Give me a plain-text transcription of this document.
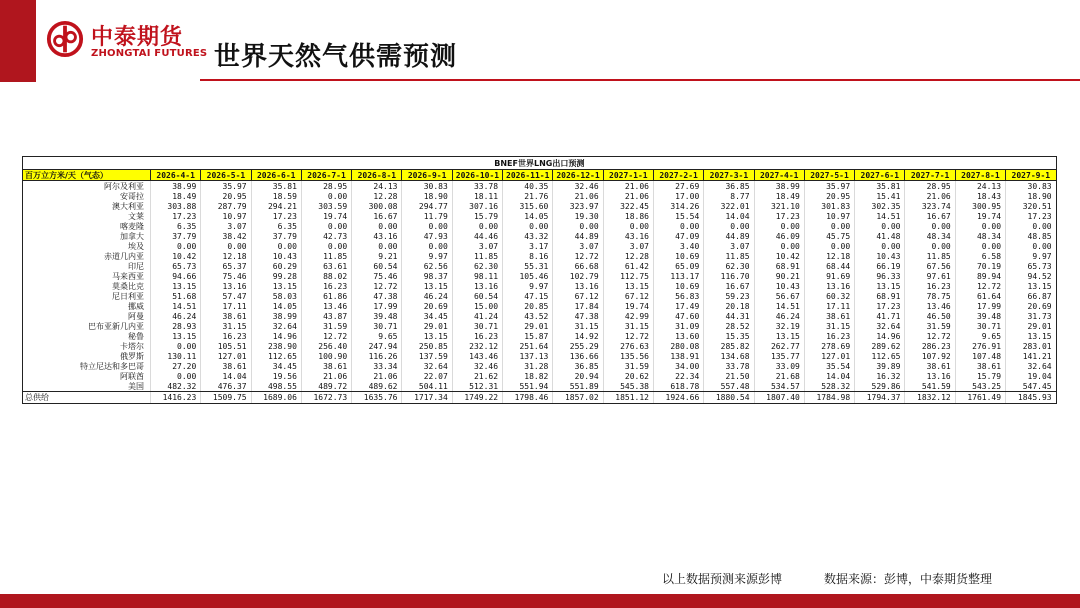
中泰期货
ZHONGTAI FUTURES 世界天然气供需预测
BNEF世界LNG出口预测																		
百万立方米/天（气态）	2026-4-1	2026-5-1	2026-6-1	2026-7-1	2026-8-1	2026-9-1	2026-10-1	2026-11-1	2026-12-1	2027-1-1	2027-2-1	2027-3-1	2027-4-1	2027-5-1	2027-6-1	2027-7-1	2027-8-1	2027-9-1
阿尔及利亚	38.99	35.97	35.81	28.95	24.13	30.83	33.78	40.35	32.46	21.06	27.69	36.85	38.99	35.97	35.81	28.95	24.13	30.83
安哥拉	18.49	20.95	18.59	0.00	12.28	18.90	18.11	21.76	21.06	21.06	17.00	8.77	18.49	20.95	15.41	21.06	18.43	18.90
澳大利亚	303.88	287.79	294.21	303.59	300.08	294.77	307.16	315.60	323.97	322.45	314.26	322.01	321.10	301.83	302.35	323.74	300.95	320.51
文莱	17.23	10.97	17.23	19.74	16.67	11.79	15.79	14.05	19.30	18.86	15.54	14.04	17.23	10.97	14.51	16.67	19.74	17.23
喀麦隆	6.35	3.07	6.35	0.00	0.00	0.00	0.00	0.00	0.00	0.00	0.00	0.00	0.00	0.00	0.00	0.00	0.00	0.00
加拿大	37.79	38.42	37.79	42.73	43.16	47.93	44.46	43.32	44.89	43.16	47.09	44.89	46.09	45.75	41.48	48.34	48.34	48.85
埃及	0.00	0.00	0.00	0.00	0.00	0.00	3.07	3.17	3.07	3.07	3.40	3.07	0.00	0.00	0.00	0.00	0.00	0.00
赤道几内亚	10.42	12.18	10.43	11.85	9.21	9.97	11.85	8.16	12.72	12.28	10.69	11.85	10.42	12.18	10.43	11.85	6.58	9.97
印尼	65.73	65.37	60.29	63.61	60.54	62.56	62.30	55.31	66.68	61.42	65.09	62.30	68.91	68.44	66.19	67.56	70.19	65.73
马来西亚	94.66	75.46	99.28	88.02	75.46	98.37	98.11	105.46	102.79	112.75	113.17	116.70	90.21	91.69	96.33	97.61	89.94	94.52
莫桑比克	13.15	13.16	13.15	16.23	12.72	13.15	13.16	9.97	13.16	13.15	10.69	16.67	10.43	13.16	13.15	16.23	12.72	13.15
尼日利亚	51.68	57.47	58.03	61.86	47.38	46.24	60.54	47.15	67.12	67.12	56.83	59.23	56.67	60.32	68.91	78.75	61.64	66.87
挪威	14.51	17.11	14.05	13.46	17.99	20.69	15.00	20.85	17.84	19.74	17.49	20.18	14.51	17.11	17.23	13.46	17.99	20.69
阿曼	46.24	38.61	38.99	43.87	39.48	34.45	41.24	43.52	47.38	42.99	47.60	44.31	46.24	38.61	41.71	46.50	39.48	31.73
巴布亚新几内亚	28.93	31.15	32.64	31.59	30.71	29.01	30.71	29.01	31.15	31.15	31.09	28.52	32.19	31.15	32.64	31.59	30.71	29.01
秘鲁	13.15	16.23	14.96	12.72	9.65	13.15	16.23	15.87	14.92	12.72	13.60	15.35	13.15	16.23	14.96	12.72	9.65	13.15
卡塔尔	0.00	105.51	238.90	256.40	247.94	250.85	232.12	251.64	255.29	276.63	280.08	285.82	262.77	278.69	289.62	286.23	276.91	283.01
俄罗斯	130.11	127.01	112.65	100.90	116.26	137.59	143.46	137.13	136.66	135.56	138.91	134.68	135.77	127.01	112.65	107.92	107.48	141.21
特立尼达和多巴哥	27.20	38.61	34.45	38.61	33.34	32.64	32.46	31.28	36.85	31.59	34.00	33.78	33.09	35.54	39.89	38.61	38.61	32.64
阿联酋	0.00	14.04	19.56	21.06	21.06	22.07	21.62	18.82	20.94	20.62	22.34	21.50	21.68	14.04	16.32	13.16	15.79	19.04
美国	482.32	476.37	498.55	489.72	489.62	504.11	512.31	551.94	551.89	545.38	618.78	557.48	534.57	528.32	529.86	541.59	543.25	547.45
总供给	1416.23	1509.75	1689.06	1672.73	1635.76	1717.34	1749.22	1798.46	1857.02	1851.12	1924.66	1880.54	1807.40	1784.98	1794.37	1832.12	1761.49	1845.93
以上数据预测来源彭博	数据来源：彭博，中泰期货整理
